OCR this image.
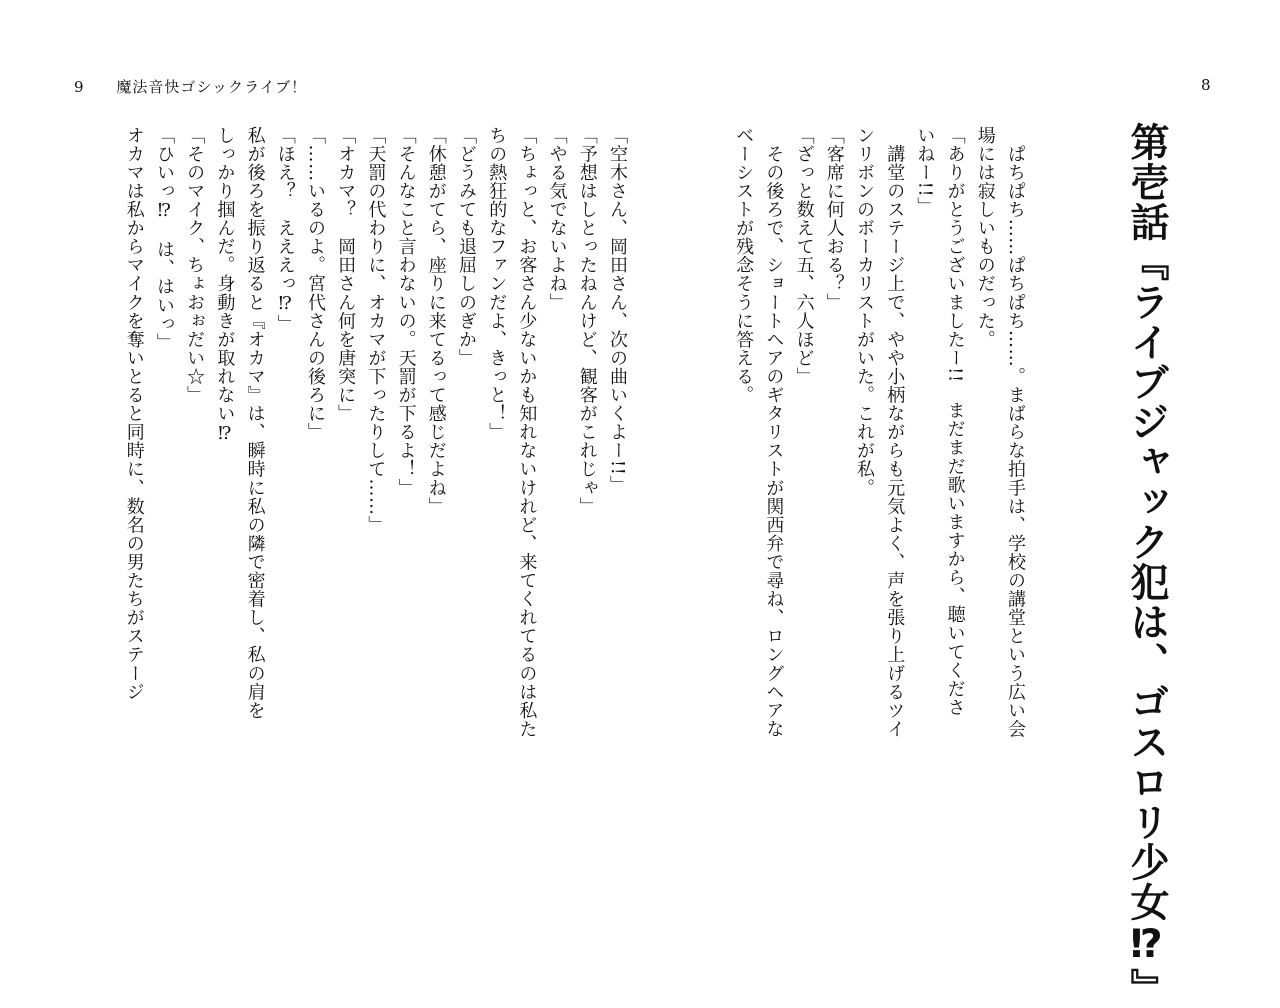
9 魔法音快ゴシックライブ！
「空木さん、岡田さん、次の曲いくよー!!」
「予想はしとったねんけど、観客がこれじゃ」
「やる気でないよね」
「ちょっと、お客さん少ないかも知れないけれど、来てくれてるのは私た
ちの熱狂的なファンだよ、きっと！」
「どうみても退屈しのぎか」
「休憩がてら、座りに来てるって感じだよね」
「そんなこと言わないの。天罰が下るよ！」
「天罰の代わりに、オカマが下ったりして……」
「オカマ？　岡田さん何を唐突に」
「……いるのよ。宮代さんの後ろに」
「ほえ？　えええっ⁉」
私が後ろを振り返ると『オカマ』は、瞬時に私の隣で密着し、私の肩を
しっかり掴んだ。身動きが取れない⁉
「そのマイク、ちょおぉだい☆」
「ひいっ⁉　は、はいっ」
オカマは私からマイクを奪いとると同時に、数名の男たちがステージ
8
第壱話『ライブジャック犯は、ゴスロリ少女⁉』
　ぱちぱち……ぱちぱち……。まばらな拍手は、学校の講堂という広い会
場には寂しいものだった。
「ありがとうございましたー!!　まだまだ歌いますから、聴いてくださ
いねー!!」
　講堂のステージ上で、やや小柄ながらも元気よく、声を張り上げるツイ
ンリボンのボーカリストがいた。これが私。
「客席に何人おる？」
「ざっと数えて五、六人ほど」
　その後ろで、ショートヘアのギタリストが関西弁で尋ね、ロングヘアな
ベーシストが残念そうに答える。
